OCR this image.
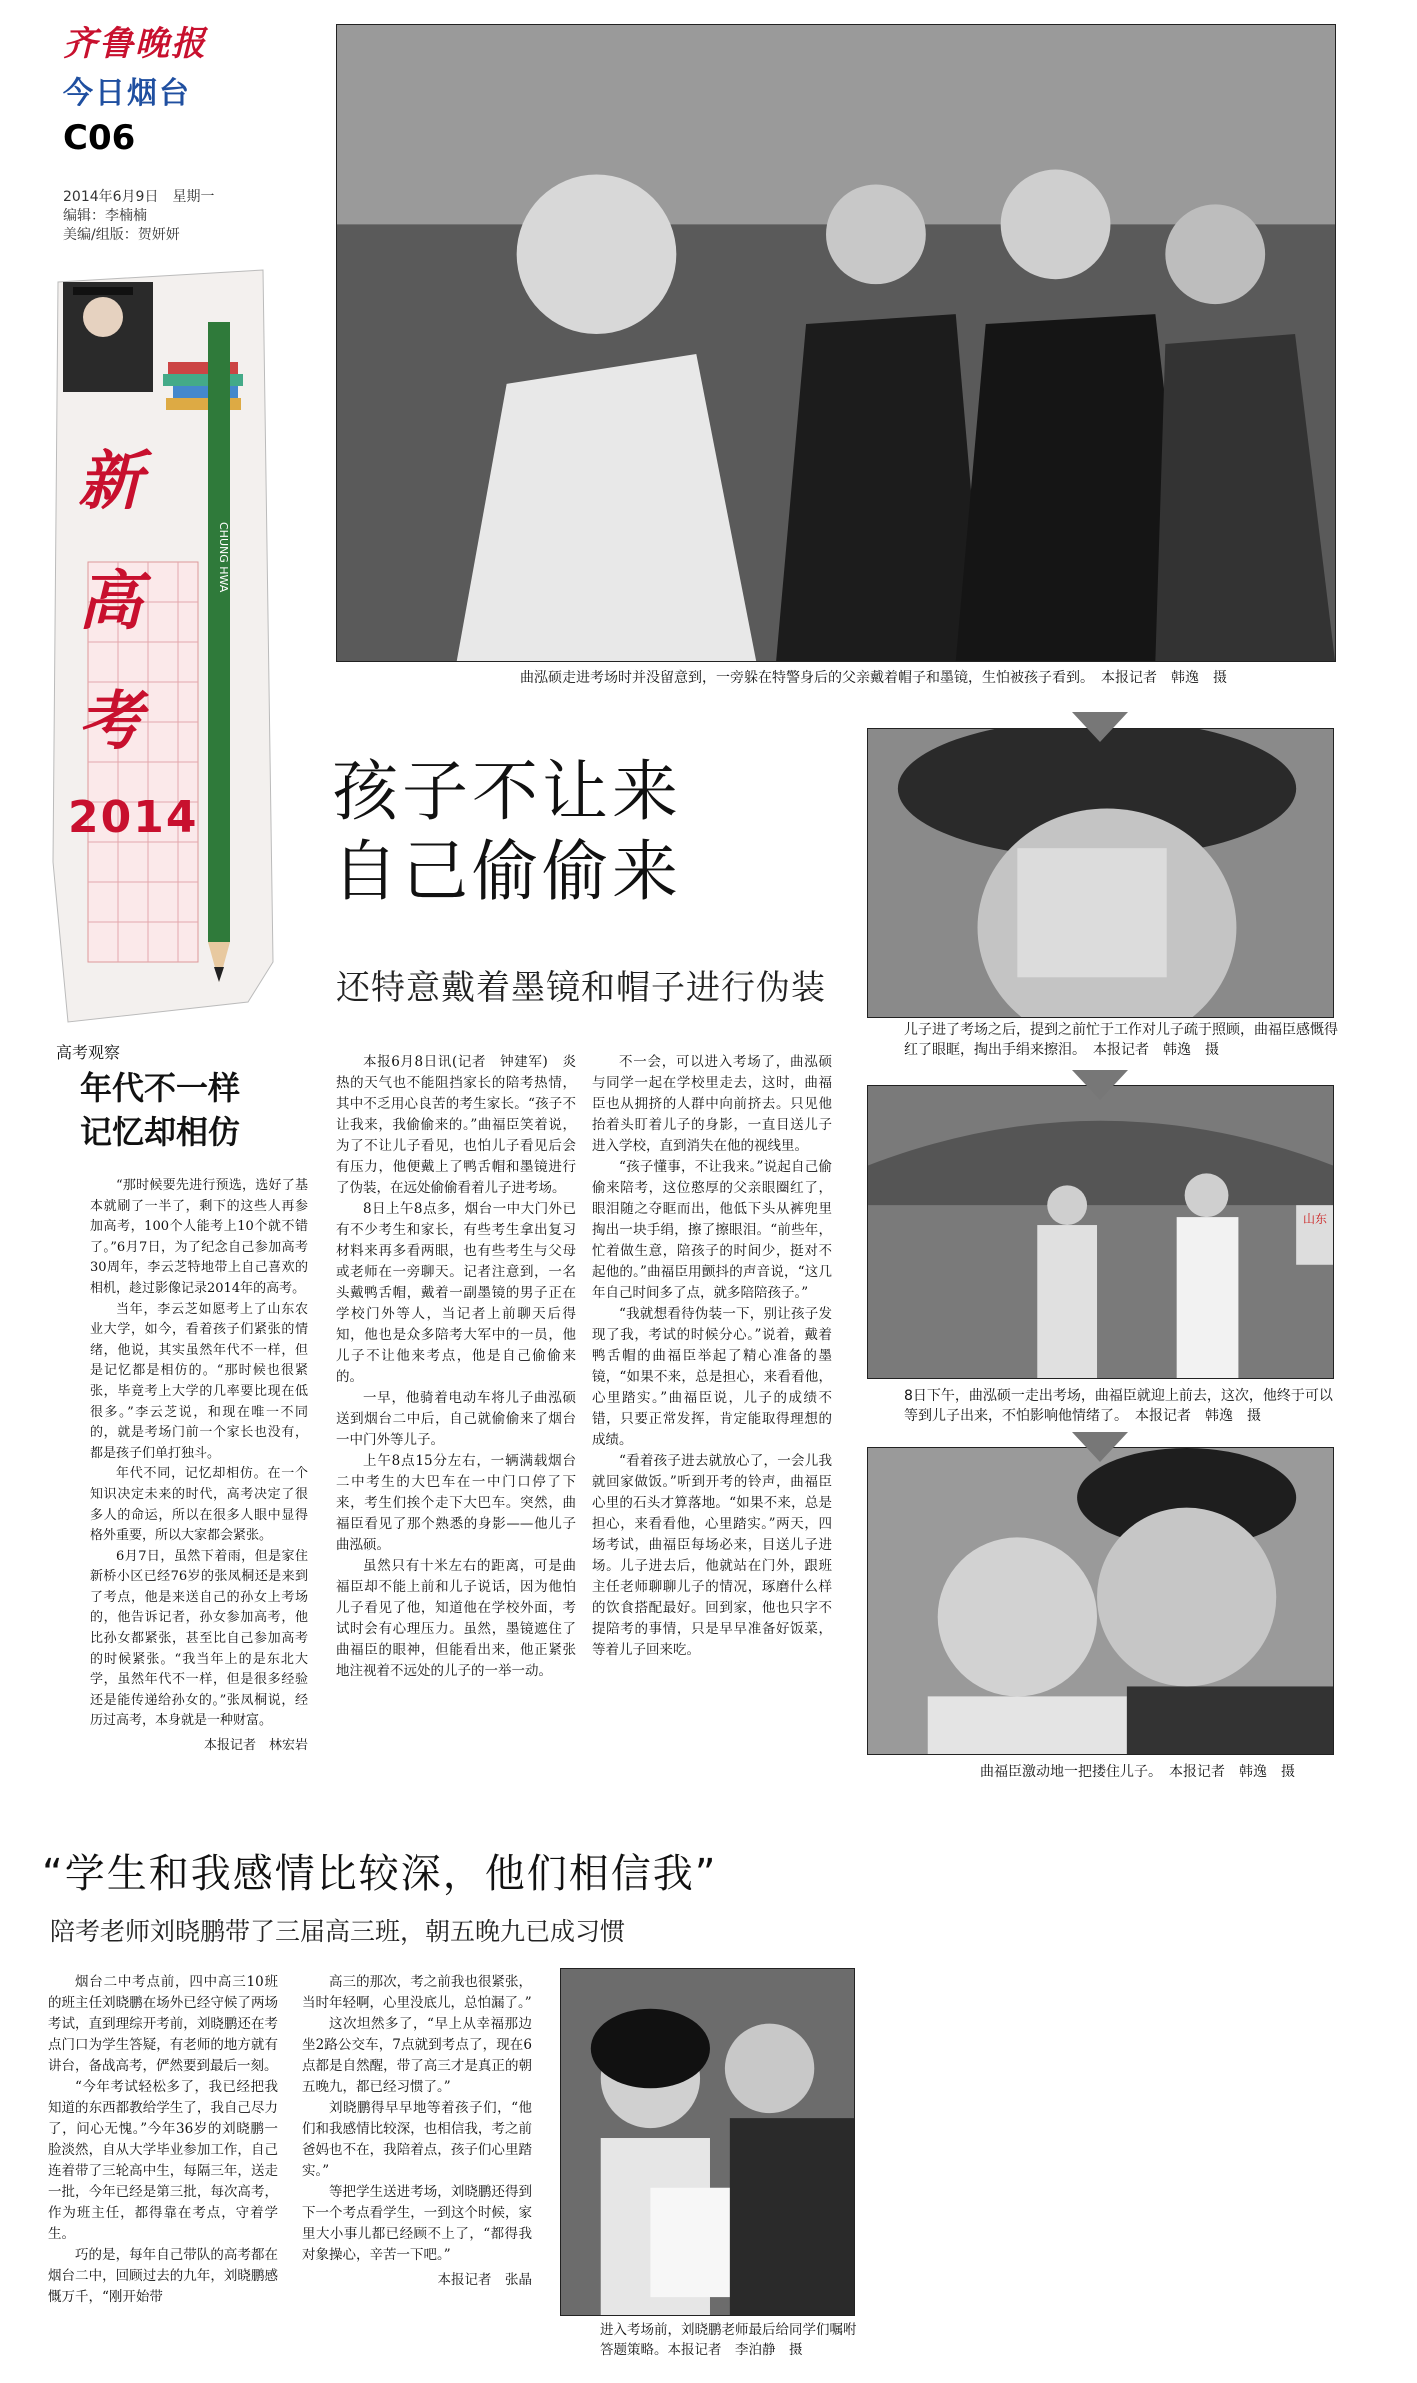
齐鲁晚报
今日烟台
C06
2014年6月9日　星期一
编辑：李楠楠
美编/组版：贺妍妍
新高考
2014
CHUNG HWA
曲泓硕走进考场时并没留意到，一旁躲在特警身后的父亲戴着帽子和墨镜，生怕被孩子看到。　本报记者　韩逸　摄
孩子不让来
自己偷偷来
还特意戴着墨镜和帽子进行伪装
高考观察
年代不一样
记忆却相仿

“那时候要先进行预选，选好了基本就刷了一半了，剩下的这些人再参加高考，100个人能考上10个就不错了。”6月7日，为了纪念自己参加高考30周年，李云芝特地带上自己喜欢的相机，趁过影像记录2014年的高考。

当年，李云芝如愿考上了山东农业大学，如今，看着孩子们紧张的情绪，他说，其实虽然年代不一样，但是记忆都是相仿的。“那时候也很紧张，毕竟考上大学的几率要比现在低很多。”李云芝说，和现在唯一不同的，就是考场门前一个家长也没有，都是孩子们单打独斗。

年代不同，记忆却相仿。在一个知识决定未来的时代，高考决定了很多人的命运，所以在很多人眼中显得格外重要，所以大家都会紧张。

6月7日，虽然下着雨，但是家住新桥小区已经76岁的张凤桐还是来到了考点，他是来送自己的孙女上考场的，他告诉记者，孙女参加高考，他比孙女都紧张，甚至比自己参加高考的时候紧张。“我当年上的是东北大学，虽然年代不一样，但是很多经验还是能传递给孙女的。”张凤桐说，经历过高考，本身就是一种财富。

本报记者　林宏岩

本报6月8日讯(记者　钟建军)　炎热的天气也不能阻挡家长的陪考热情，其中不乏用心良苦的考生家长。“孩子不让我来，我偷偷来的。”曲福臣笑着说，为了不让儿子看见，也怕儿子看见后会有压力，他便戴上了鸭舌帽和墨镜进行了伪装，在远处偷偷看着儿子进考场。

8日上午8点多，烟台一中大门外已有不少考生和家长，有些考生拿出复习材料来再多看两眼，也有些考生与父母或老师在一旁聊天。记者注意到，一名头戴鸭舌帽，戴着一副墨镜的男子正在学校门外等人，当记者上前聊天后得知，他也是众多陪考大军中的一员，他儿子不让他来考点，他是自己偷偷来的。

一早，他骑着电动车将儿子曲泓硕送到烟台二中后，自己就偷偷来了烟台一中门外等儿子。

上午8点15分左右，一辆满载烟台二中考生的大巴车在一中门口停了下来，考生们挨个走下大巴车。突然，曲福臣看见了那个熟悉的身影——他儿子曲泓硕。

虽然只有十米左右的距离，可是曲福臣却不能上前和儿子说话，因为他怕儿子看见了他，知道他在学校外面，考试时会有心理压力。虽然，墨镜遮住了曲福臣的眼神，但能看出来，他正紧张地注视着不远处的儿子的一举一动。

不一会，可以进入考场了，曲泓硕与同学一起在学校里走去，这时，曲福臣也从拥挤的人群中向前挤去。只见他抬着头盯着儿子的身影，一直目送儿子进入学校，直到消失在他的视线里。

“孩子懂事，不让我来。”说起自己偷偷来陪考，这位憨厚的父亲眼圈红了，眼泪随之夺眶而出，他低下头从裤兜里掏出一块手绢，擦了擦眼泪。“前些年，忙着做生意，陪孩子的时间少，挺对不起他的。”曲福臣用颤抖的声音说，“这几年自己时间多了点，就多陪陪孩子。”

“我就想看待伪装一下，别让孩子发现了我，考试的时候分心。”说着，戴着鸭舌帽的曲福臣举起了精心准备的墨镜，“如果不来，总是担心，来看看他，心里踏实。”曲福臣说，儿子的成绩不错，只要正常发挥，肯定能取得理想的成绩。

“看着孩子进去就放心了，一会儿我就回家做饭。”听到开考的铃声，曲福臣心里的石头才算落地。“如果不来，总是担心，来看看他，心里踏实。”两天，四场考试，曲福臣每场必来，目送儿子进场。儿子进去后，他就站在门外，跟班主任老师聊聊儿子的情况，琢磨什么样的饮食搭配最好。回到家，他也只字不提陪考的事情，只是早早准备好饭菜，等着儿子回来吃。

儿子进了考场之后，提到之前忙于工作对儿子疏于照顾，曲福臣感慨得红了眼眶，掏出手绢来擦泪。　本报记者　韩逸　摄
山东
8日下午，曲泓硕一走出考场，曲福臣就迎上前去，这次，他终于可以等到儿子出来，不怕影响他情绪了。　本报记者　韩逸　摄
曲福臣激动地一把搂住儿子。　本报记者　韩逸　摄
“学生和我感情比较深，他们相信我”
陪考老师刘晓鹏带了三届高三班，朝五晚九已成习惯

烟台二中考点前，四中高三10班的班主任刘晓鹏在场外已经守候了两场考试，直到理综开考前，刘晓鹏还在考点门口为学生答疑，有老师的地方就有讲台，备战高考，俨然要到最后一刻。

“今年考试轻松多了，我已经把我知道的东西都教给学生了，我自己尽力了，问心无愧。”今年36岁的刘晓鹏一脸淡然，自从大学毕业参加工作，自己连着带了三轮高中生，每隔三年，送走一批，今年已经是第三批，每次高考，作为班主任，都得靠在考点，守着学生。

巧的是，每年自己带队的高考都在烟台二中，回顾过去的九年，刘晓鹏感慨万千，“刚开始带

高三的那次，考之前我也很紧张，当时年轻啊，心里没底儿，总怕漏了。”

这次坦然多了，“早上从幸福那边坐2路公交车，7点就到考点了，现在6点都是自然醒，带了高三才是真正的朝五晚九，都已经习惯了。”

刘晓鹏得早早地等着孩子们，“他们和我感情比较深，也相信我，考之前爸妈也不在，我陪着点，孩子们心里踏实。”

等把学生送进考场，刘晓鹏还得到下一个考点看学生，一到这个时候，家里大小事儿都已经顾不上了，“都得我对象操心，辛苦一下吧。”

本报记者　张晶
进入考场前，刘晓鹏老师最后给同学们嘱咐答题策略。本报记者　李泊静　摄
